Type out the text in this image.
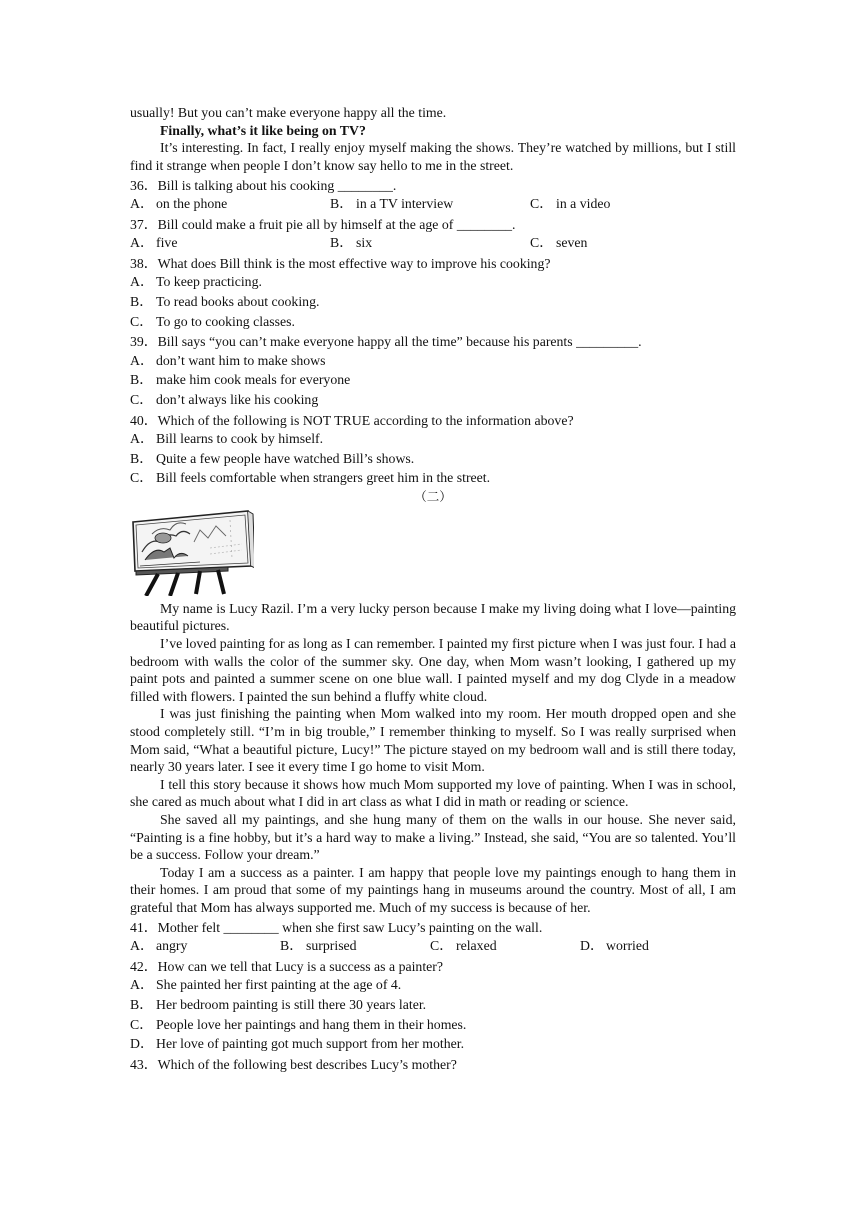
usually! But you can’t make everyone happy all the time.
Finally, what’s it like being on TV?
It’s interesting. In fact, I really enjoy myself making the shows. They’re watched by millions, but I still find it strange when people I don’t know say hello to me in the street.
36．Bill is talking about his cooking ________.
A． on the phone	B． in a TV interview	C． in a video
37．Bill could make a fruit pie all by himself at the age of ________.
A． five	B． six	C． seven
38．What does Bill think is the most effective way to improve his cooking?
A． To keep practicing.
B． To read books about cooking.
C． To go to cooking classes.
39．Bill says “you can’t make everyone happy all the time” because his parents _________.
A． don’t want him to make shows
B． make him cook meals for everyone
C． don’t always like his cooking
40．Which of the following is NOT TRUE according to the information above?
A． Bill learns to cook by himself.
B． Quite a few people have watched Bill’s shows.
C． Bill feels comfortable when strangers greet him in the street.
（二）

My name is Lucy Razil. I’m a very lucky person because I make my living doing what I love—painting beautiful pictures.

I’ve loved painting for as long as I can remember. I painted my first picture when I was just four. I had a bedroom with walls the color of the summer sky. One day, when Mom wasn’t looking, I gathered up my paint pots and painted a summer scene on one blue wall. I painted myself and my dog Clyde in a meadow filled with flowers. I painted the sun behind a fluffy white cloud.

I was just finishing the painting when Mom walked into my room. Her mouth dropped open and she stood completely still. “I’m in big trouble,” I remember thinking to myself. So I was really surprised when Mom said, “What a beautiful picture, Lucy!” The picture stayed on my bedroom wall and is still there today, nearly 30 years later. I see it every time I go home to visit Mom.

I tell this story because it shows how much Mom supported my love of painting. When I was in school, she cared as much about what I did in art class as what I did in math or reading or science.

She saved all my paintings, and she hung many of them on the walls in our house. She never said, “Painting is a fine hobby, but it’s a hard way to make a living.” Instead, she said, “You are so talented. You’ll be a success. Follow your dream.”

Today I am a success as a painter. I am happy that people love my paintings enough to hang them in their homes. I am proud that some of my paintings hang in museums around the country. Most of all, I am grateful that Mom has always supported me. Much of my success is because of her.

41．Mother felt ________ when she first saw Lucy’s painting on the wall.
A． angry	B． surprised	C． relaxed	D． worried
42．How can we tell that Lucy is a success as a painter?
A． She painted her first painting at the age of 4.
B． Her bedroom painting is still there 30 years later.
C． People love her paintings and hang them in their homes.
D． Her love of painting got much support from her mother.
43．Which of the following best describes Lucy’s mother?
